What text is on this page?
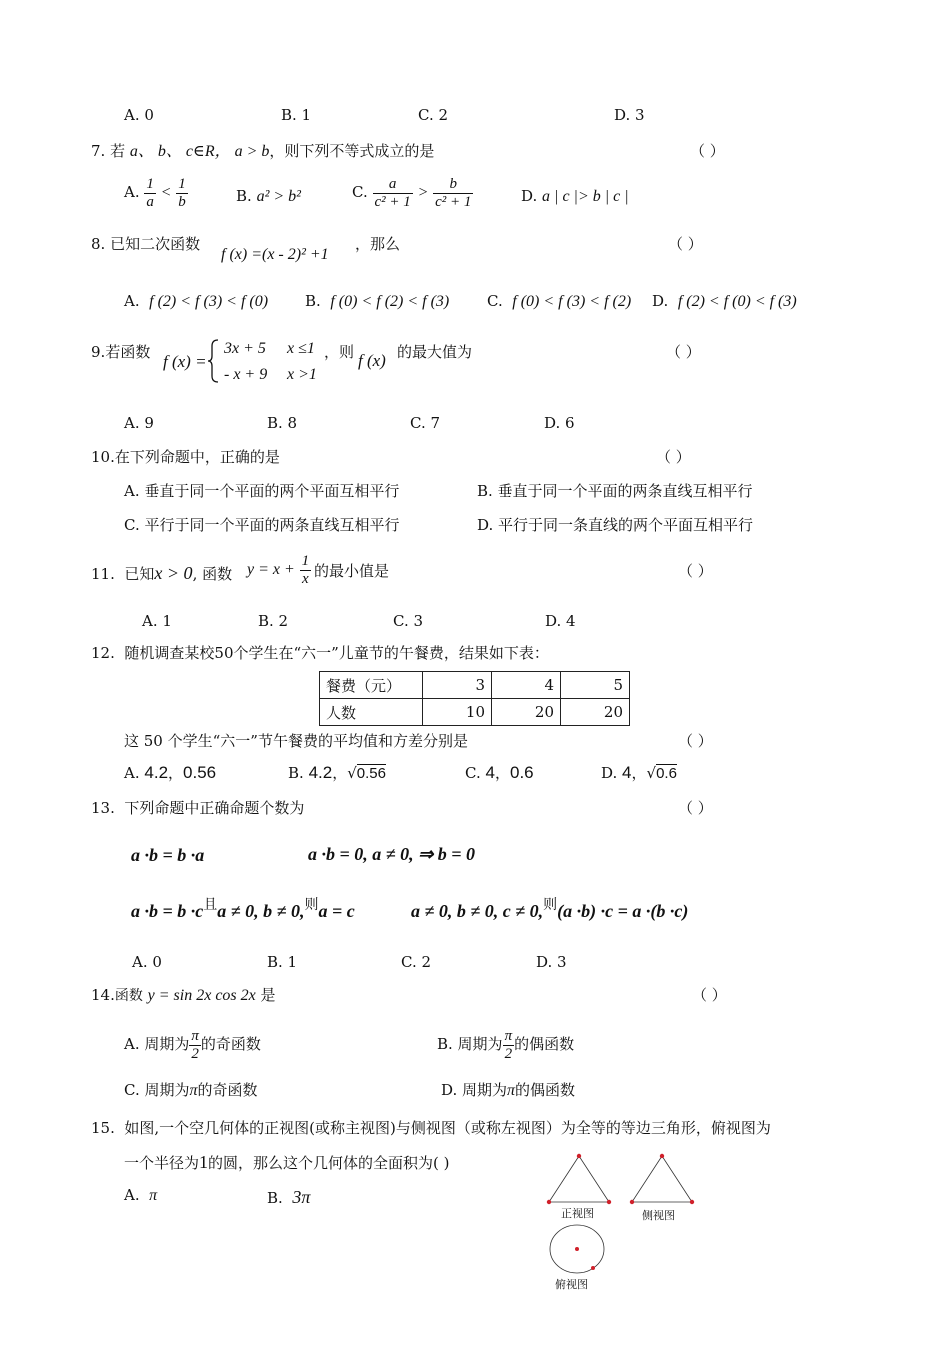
A. 0	B. 1	C. 2	D. 3
7. 若 a、 b、 c∈R， a > b，则下列不等式成立的是	（ ）
A. $\frac{1}{a} < \frac{1}{b}$	B. a² > b²	C. $\frac{a}{\text{c² + 1}} > \frac{b}{\text{c² + 1}}$	D. a | c |> b | c |
8. 已知二次函数
f (x) =(x - 2)² +1
，那么	（ ）
A. f (2) < f (3) < f (0) B. f (0) < f (2) < f (3)	C. f (0) < f (3) < f (2) D. f (2) < f (0) < f (3)
9.若函数 f (x) =
3x + 5 x ≤1
- x + 9 x >1
，则 f (x) 的最大值为	（ ）
A. 9	B. 8	C. 7	D. 6
10.在下列命题中，正确的是	（ ）
A. 垂直于同一个平面的两个平面互相平行	B. 垂直于同一个平面的两条直线互相平行
C. 平行于同一个平面的两条直线互相平行	D. 平行于同一条直线的两个平面互相平行
11. 已知x > 0, 函数 $y = x + \frac{1}{x}$ 的最小值是	（ ）
A. 1	B. 2	C. 3	D. 4
12. 随机调查某校50个学生在“六一”儿童节的午餐费，结果如下表：
餐费（元）	3	4	5
人数	10	20	20
这 50 个学生“六一”节午餐费的平均值和方差分别是	（ ）
A. 4.2，0.56	B. 4.2，√0.56	C. 4，0.6	D. 4，√0.6
13. 下列命题中正确命题个数为	（ ）
a ·b = b ·a	a ·b = 0, a ≠ 0, ⇒ b = 0
a ·b = b ·c且a ≠ 0, b ≠ 0,则a = c	a ≠ 0, b ≠ 0, c ≠ 0,则(a ·b) ·c = a ·(b ·c)
A. 0	B. 1	C. 2	D. 3
14.函数 y = sin 2x cos 2x 是	（ ）
A. 周期为 $\frac{\pi}{2}$ 的奇函数	B. 周期为 $\frac{\pi}{2}$ 的偶函数
C. 周期为π的奇函数	D. 周期为π的偶函数
15. 如图,一个空几何体的正视图(或称主视图)与侧视图（或称左视图）为全等的等边三角形，俯视图为
一个半径为1的圆，那么这个几何体的全面积为( )
A. π	B. 3π
正视图	侧视图
俯视图
